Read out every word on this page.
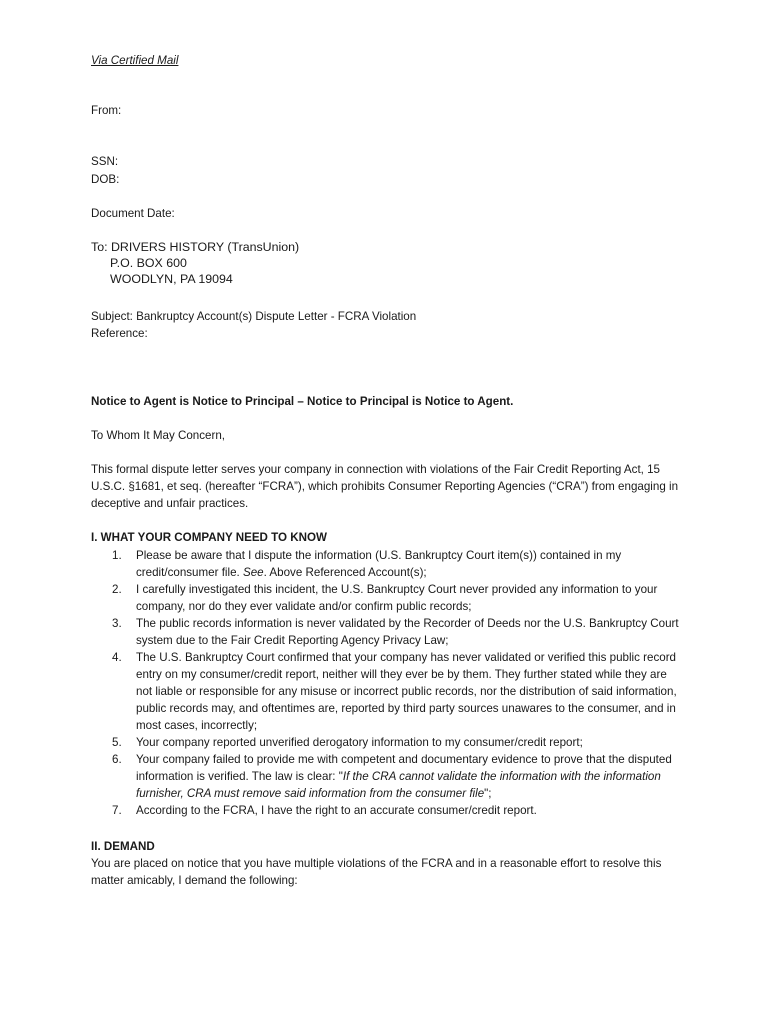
Via Certified Mail
From:
SSN:
DOB:
Document Date:
To: DRIVERS HISTORY (TransUnion)
P.O. BOX 600
WOODLYN, PA 19094
Subject: Bankruptcy Account(s) Dispute Letter - FCRA Violation
Reference:
Notice to Agent is Notice to Principal – Notice to Principal is Notice to Agent.
To Whom It May Concern,
This formal dispute letter serves your company in connection with violations of the Fair Credit Reporting Act, 15 U.S.C. §1681, et seq. (hereafter “FCRA”), which prohibits Consumer Reporting Agencies (“CRA”) from engaging in deceptive and unfair practices.
I. WHAT YOUR COMPANY NEED TO KNOW
1. Please be aware that I dispute the information (U.S. Bankruptcy Court item(s)) contained in my credit/consumer file. See. Above Referenced Account(s);
2. I carefully investigated this incident, the U.S. Bankruptcy Court never provided any information to your company, nor do they ever validate and/or confirm public records;
3. The public records information is never validated by the Recorder of Deeds nor the U.S. Bankruptcy Court system due to the Fair Credit Reporting Agency Privacy Law;
4. The U.S. Bankruptcy Court confirmed that your company has never validated or verified this public record entry on my consumer/credit report, neither will they ever be by them. They further stated while they are not liable or responsible for any misuse or incorrect public records, nor the distribution of said information, public records may, and oftentimes are, reported by third party sources unawares to the consumer, and in most cases, incorrectly;
5. Your company reported unverified derogatory information to my consumer/credit report;
6. Your company failed to provide me with competent and documentary evidence to prove that the disputed information is verified. The law is clear: "If the CRA cannot validate the information with the information furnisher, CRA must remove said information from the consumer file";
7. According to the FCRA, I have the right to an accurate consumer/credit report.
II. DEMAND
You are placed on notice that you have multiple violations of the FCRA and in a reasonable effort to resolve this matter amicably, I demand the following:
